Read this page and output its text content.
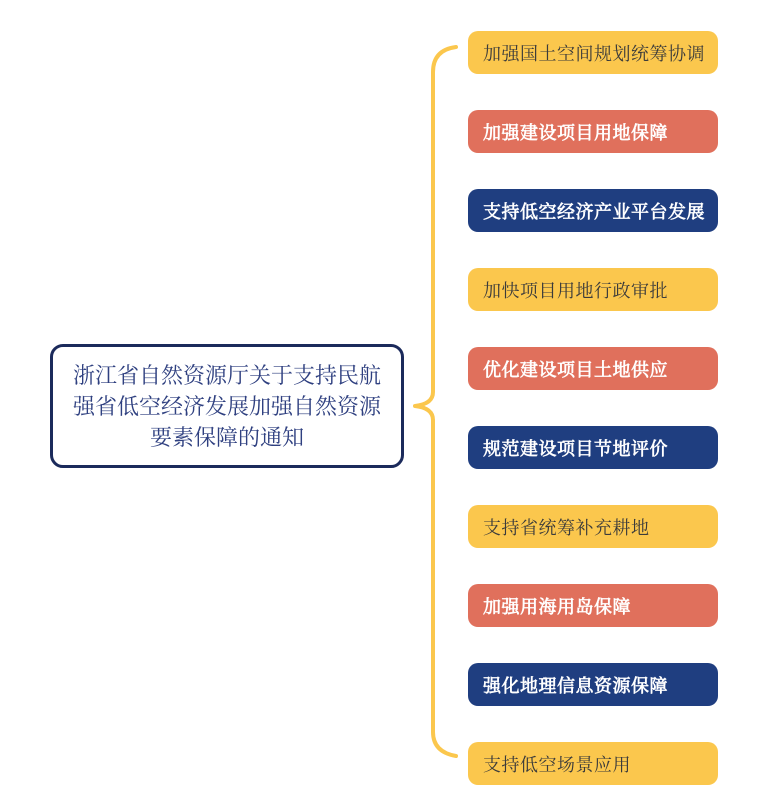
浙江省自然资源厅关于支持民航强省低空经济发展加强自然资源要素保障的通知
加强国土空间规划统筹协调
加强建设项目用地保障
支持低空经济产业平台发展
加快项目用地行政审批
优化建设项目土地供应
规范建设项目节地评价
支持省统筹补充耕地
加强用海用岛保障
强化地理信息资源保障
支持低空场景应用
